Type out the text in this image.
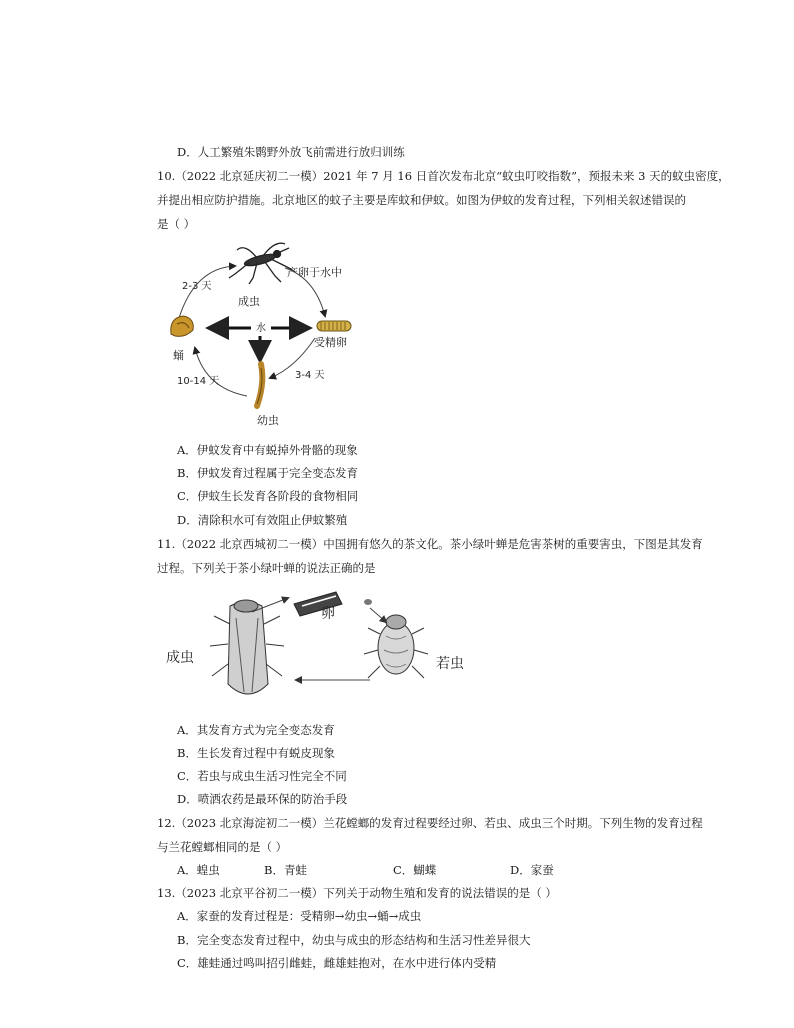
D．人工繁殖朱鹮野外放飞前需进行放归训练
10.（2022 北京延庆初二一模）2021 年 7 月 16 日首次发布北京“蚊虫叮咬指数”，预报未来 3 天的蚊虫密度，
并提出相应防护措施。北京地区的蚊子主要是库蚊和伊蚊。如图为伊蚊的发育过程，下列相关叙述错误的
是（ ）
成虫
产卵于水中
2-3 天
蛹
受精卵
水
3-4 天
10-14 天
幼虫
A．伊蚊发育中有蜕掉外骨骼的现象
B．伊蚊发育过程属于完全变态发育
C．伊蚊生长发育各阶段的食物相同
D．清除积水可有效阻止伊蚊繁殖
11.（2022 北京西城初二一模）中国拥有悠久的茶文化。茶小绿叶蝉是危害茶树的重要害虫，下图是其发育
过程。下列关于茶小绿叶蝉的说法正确的是
成虫
卵
若虫
A．其发育方式为完全变态发育
B．生长发育过程中有蜕皮现象
C．若虫与成虫生活习性完全不同
D．喷洒农药是最环保的防治手段
12.（2023 北京海淀初二一模）兰花螳螂的发育过程要经过卵、若虫、成虫三个时期。下列生物的发育过程
与兰花螳螂相同的是（ ）
A．蝗虫	B．青蛙	C．蝴蝶	D．家蚕
13.（2023 北京平谷初二一模）下列关于动物生殖和发育的说法错误的是（ ）
A．家蚕的发育过程是：受精卵→幼虫→蛹→成虫
B．完全变态发育过程中，幼虫与成虫的形态结构和生活习性差异很大
C．雄蛙通过鸣叫招引雌蛙，雌雄蛙抱对，在水中进行体内受精
